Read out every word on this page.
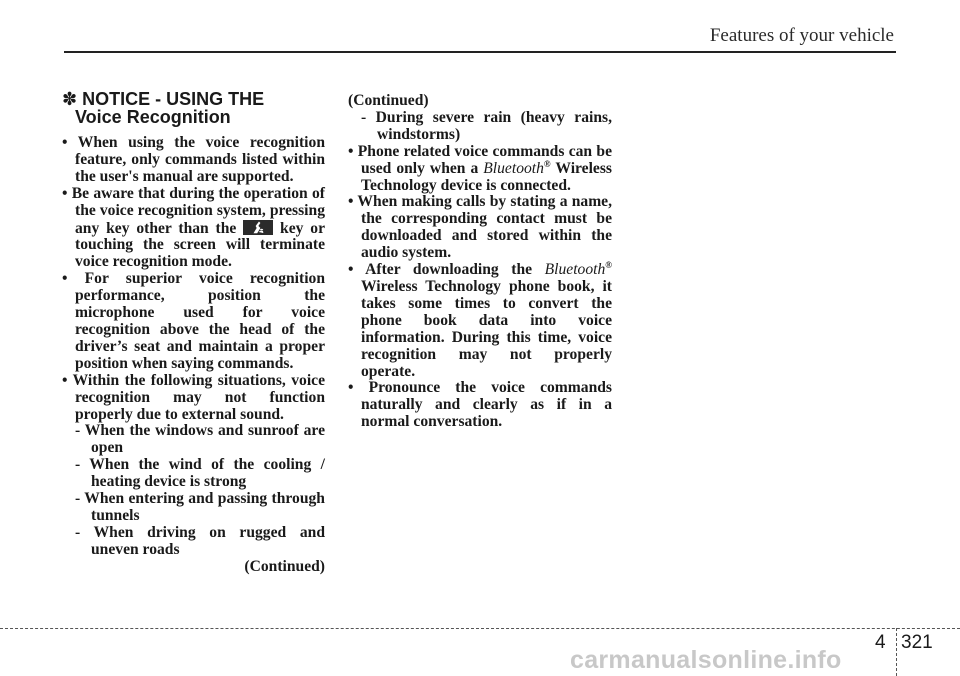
Features of your vehicle
✽ NOTICE - USING THE
Voice Recognition
• When using the voice recognition feature, only commands listed within the user's manual are supported.
• Be aware that during the operation of the voice recognition system, pressing any key other than the	key or touching the screen will terminate voice recognition mode.
• For superior voice recognition performance, position the microphone used for voice recognition above the head of the driver’s seat and maintain a proper position when saying commands.
• Within the following situations, voice recognition may not function properly due to external sound.
- When the windows and sunroof are open
- When the wind of the cooling / heating device is strong
- When entering and passing through tunnels
- When driving on rugged and uneven roads
(Continued)
(Continued)
- During severe rain (heavy rains, windstorms)
• Phone related voice commands can be used only when a Bluetooth® Wireless Technology device is connected.
• When making calls by stating a name, the corresponding contact must be downloaded and stored within the audio system.
• After downloading the Bluetooth® Wireless Technology phone book, it takes some times to convert the phone book data into voice information. During this time, voice recognition may not properly operate.
• Pronounce the voice commands naturally and clearly as if in a normal conversation.
4 321
carmanualsonline.info
